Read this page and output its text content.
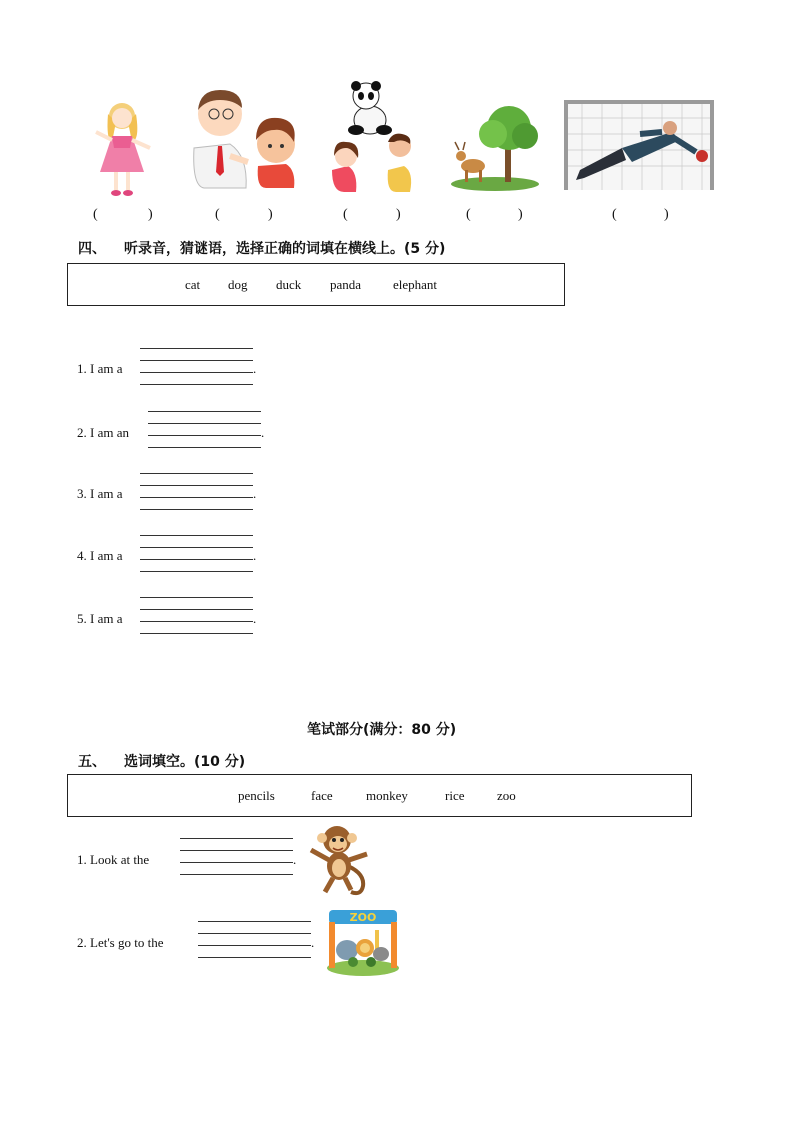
(	)	(	)	(	)	(	)	(	)
四、 听录音，猜谜语，选择正确的词填在横线上。(5 分)
cat dog duck panda elephant
1. I am a	.
2. I am an	.
3. I am a	.
4. I am a	.
5. I am a	.
笔试部分(满分：80 分)
五、 选词填空。(10 分)
pencils	face	monkey	rice	zoo
1. Look at the	.
2. Let's go to the	.
ZOO
